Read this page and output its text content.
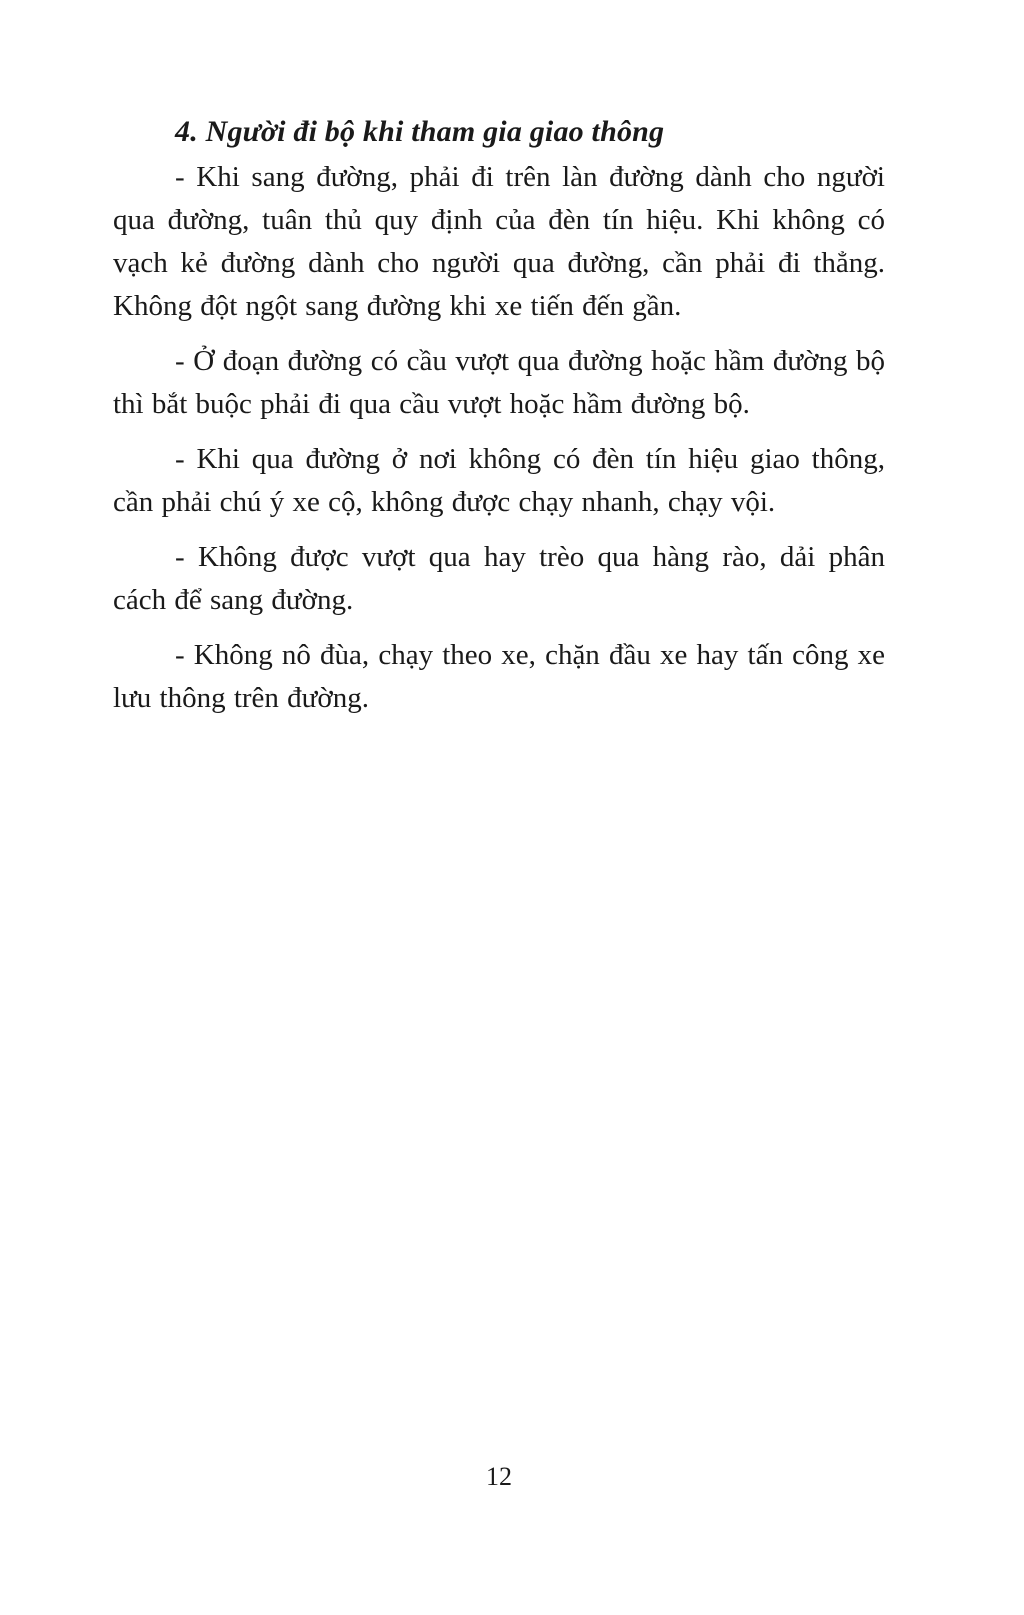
4. Người đi bộ khi tham gia giao thông

- Khi sang đường, phải đi trên làn đường dành cho người qua đường, tuân thủ quy định của đèn tín hiệu. Khi không có vạch kẻ đường dành cho người qua đường, cần phải đi thẳng. Không đột ngột sang đường khi xe tiến đến gần.

- Ở đoạn đường có cầu vượt qua đường hoặc hầm đường bộ thì bắt buộc phải đi qua cầu vượt hoặc hầm đường bộ.

- Khi qua đường ở nơi không có đèn tín hiệu giao thông, cần phải chú ý xe cộ, không được chạy nhanh, chạy vội.

- Không được vượt qua hay trèo qua hàng rào, dải phân cách để sang đường.

- Không nô đùa, chạy theo xe, chặn đầu xe hay tấn công xe lưu thông trên đường.

12
